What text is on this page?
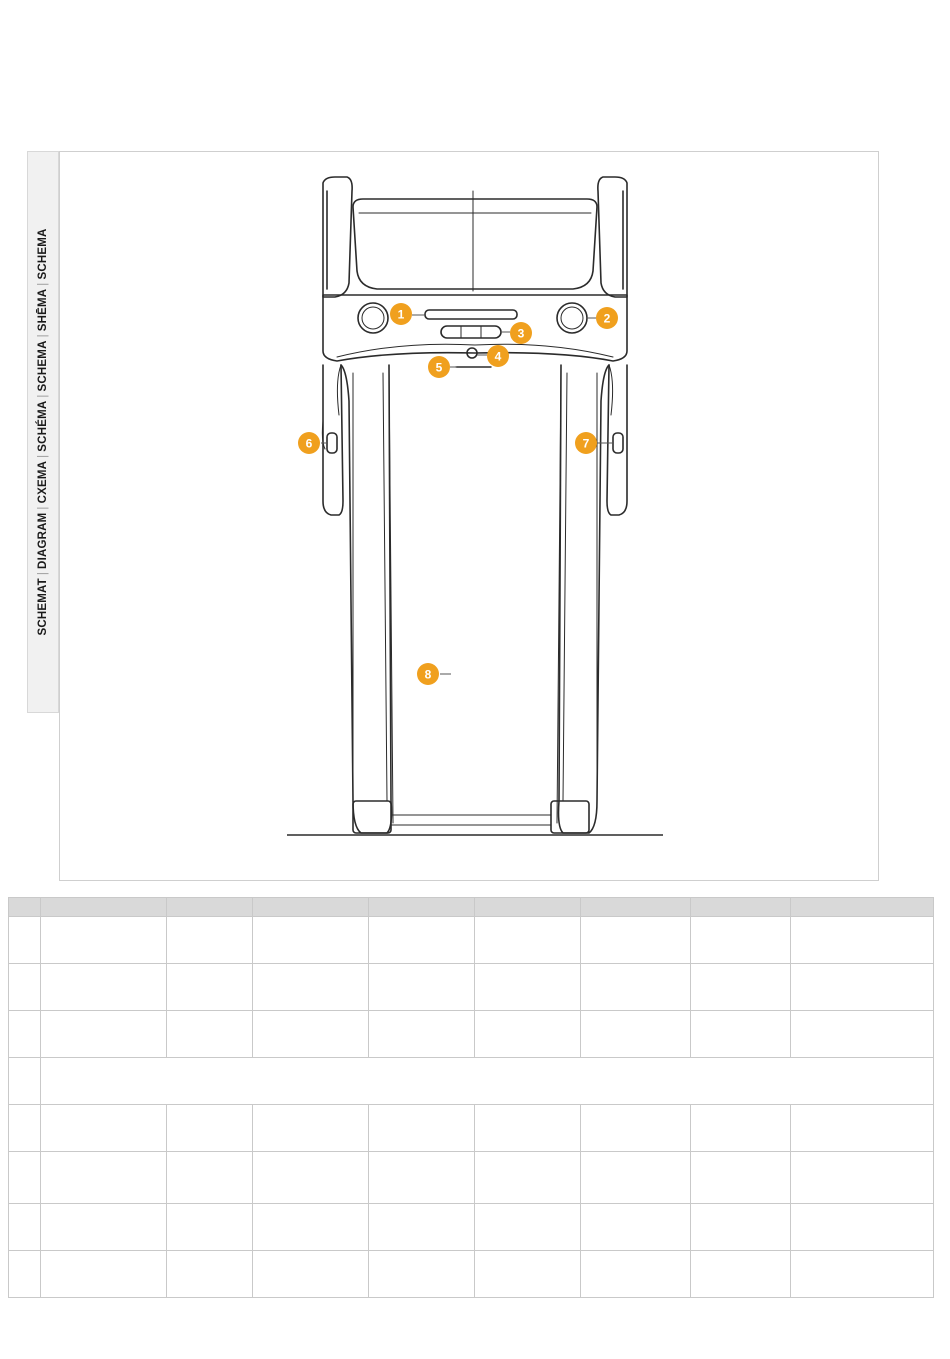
SCHEMAT|DIAGRAM|CXEMA|SCHÉMA|SCHEMA|SHĒMA|SCHEMA
1	2
3
4
5
6	7
8
